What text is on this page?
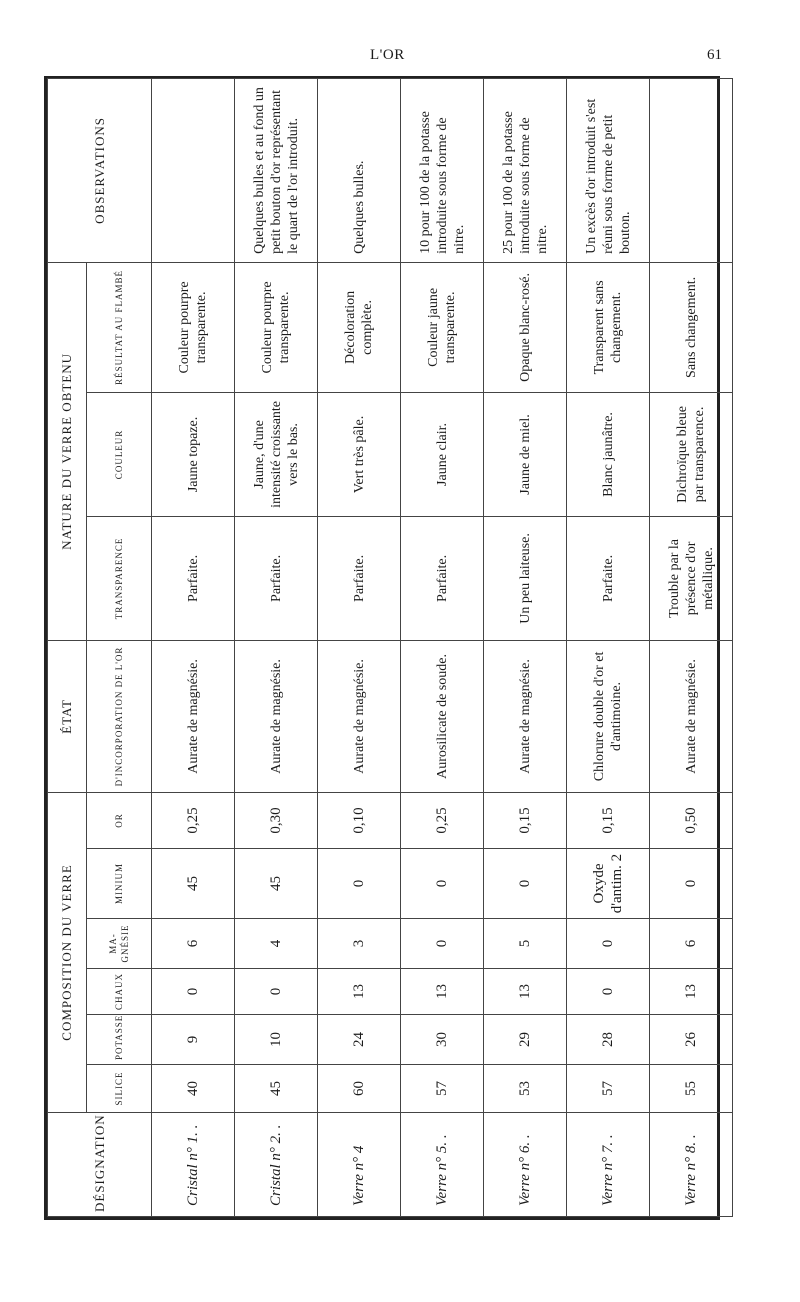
L'OR	61
DÉSIGNATION	COMPOSITION DU VERRE						ÉTAT	NATURE DU VERRE OBTENU			OBSERVATIONS
	SILICE	POTASSE	CHAUX	MA-GNÉSIE	MINIUM	OR	D'INCORPORATION DE L'OR	TRANSPARENCE	COULEUR	RÉSULTAT AU FLAMBÉ	
Cristal n° 1. .	40	9	0	6	45	0,25	Aurate de magnésie.	Parfaite.	Jaune topaze.	Couleur pourpre transparente.	
Cristal n° 2. .	45	10	0	4	45	0,30	Aurate de magnésie.	Parfaite.	Jaune, d'une intensité croissante vers le bas.	Couleur pourpre transparente.	Quelques bulles et au fond un petit bouton d'or représentant le quart de l'or introduit.
Verre n° 4	60	24	13	3	0	0,10	Aurate de magnésie.	Parfaite.	Vert très pâle.	Décoloration complète.	Quelques bulles.
Verre n° 5. .	57	30	13	0	0	0,25	Aurosilicate de soude.	Parfaite.	Jaune clair.	Couleur jaune transparente.	10 pour 100 de la potasse introduite sous forme de nitre.
Verre n° 6. .	53	29	13	5	0	0,15	Aurate de magnésie.	Un peu laiteuse.	Jaune de miel.	Opaque blanc-rosé.	25 pour 100 de la potasse introduite sous forme de nitre.
Verre n° 7. .	57	28	0	0	Oxyde d'antim. 2	0,15	Chlorure double d'or et d'antimoine.	Parfaite.	Blanc jaunâtre.	Transparent sans changement.	Un excès d'or introduit s'est réuni sous forme de petit bouton.
Verre n° 8. .	55	26	13	6	0	0,50	Aurate de magnésie.	Trouble par la présence d'or métallique.	Dichroïque bleue par transparence.	Sans changement.	
